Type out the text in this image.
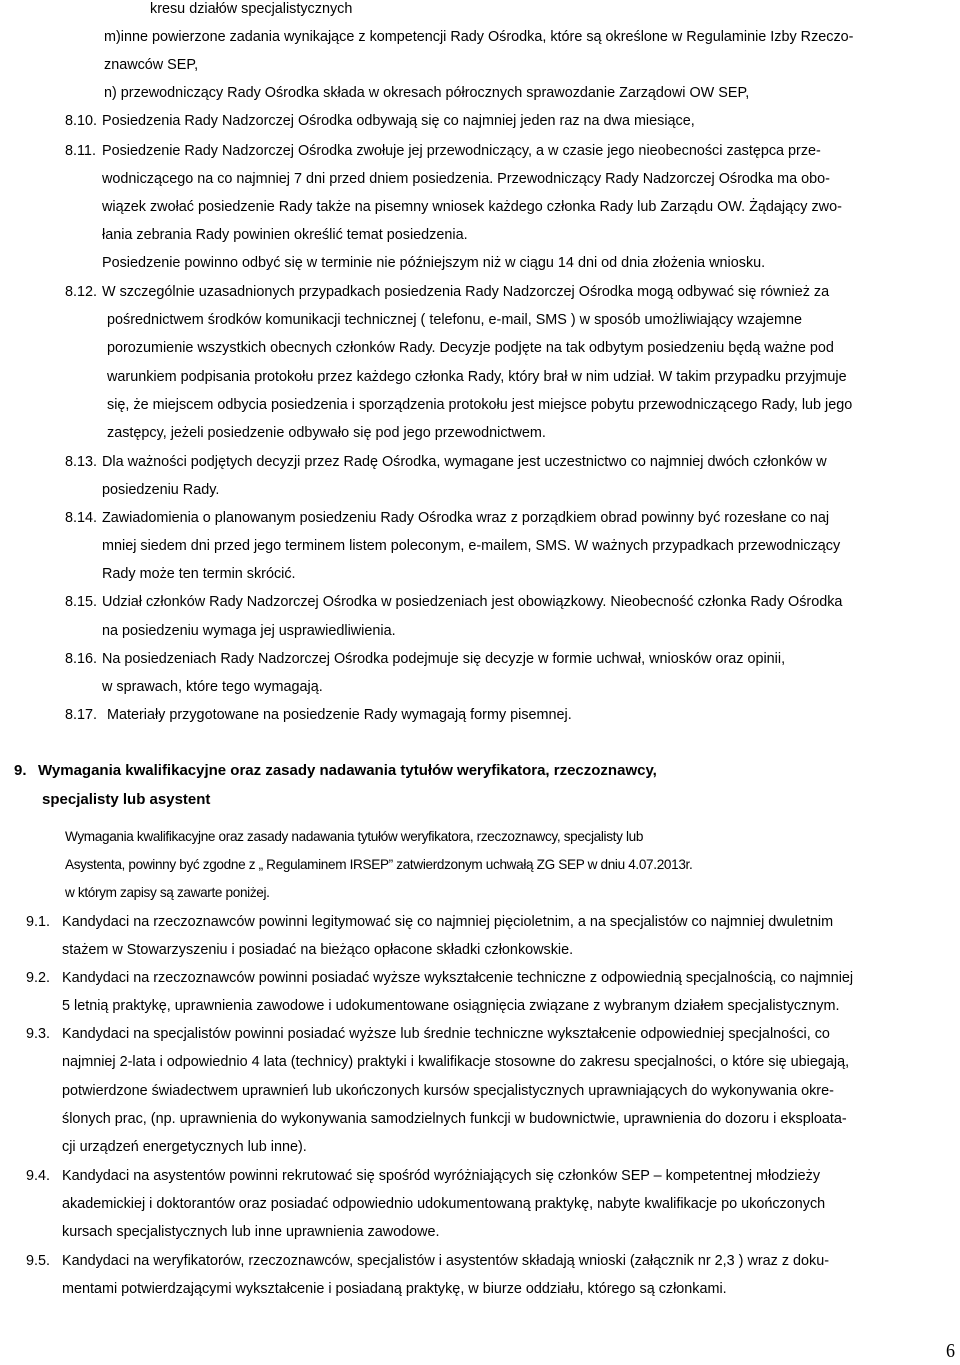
kresu działów specjalistycznych
m)inne powierzone zadania wynikające z kompetencji Rady Ośrodka, które są określone w Regulaminie Izby Rzeczo-
znawców SEP,
n) przewodniczący Rady Ośrodka składa w okresach półrocznych sprawozdanie Zarządowi OW SEP,
8.10. Posiedzenia Rady Nadzorczej Ośrodka odbywają się co najmniej jeden raz na dwa miesiące,
8.11. Posiedzenie Rady Nadzorczej Ośrodka zwołuje jej przewodniczący, a w czasie jego nieobecności zastępca prze-
wodniczącego na co najmniej 7 dni przed dniem posiedzenia. Przewodniczący Rady Nadzorczej Ośrodka ma obo-
wiązek zwołać posiedzenie Rady także na pisemny wniosek każdego członka Rady lub Zarządu OW. Żądający zwo-
łania zebrania Rady powinien określić temat posiedzenia.
Posiedzenie powinno odbyć się w terminie nie późniejszym niż w ciągu 14 dni od dnia złożenia wniosku.
8.12. W szczególnie uzasadnionych przypadkach posiedzenia Rady Nadzorczej Ośrodka mogą odbywać się również za
pośrednictwem środków komunikacji technicznej ( telefonu, e-mail, SMS ) w sposób umożliwiający wzajemne
porozumienie wszystkich obecnych członków Rady. Decyzje podjęte na tak odbytym posiedzeniu będą ważne pod
warunkiem podpisania protokołu przez każdego członka Rady, który brał w nim udział. W takim przypadku przyjmuje
się, że miejscem odbycia posiedzenia i sporządzenia protokołu jest miejsce pobytu przewodniczącego Rady, lub jego
zastępcy, jeżeli posiedzenie odbywało się pod jego przewodnictwem.
8.13. Dla ważności podjętych decyzji przez Radę Ośrodka, wymagane jest uczestnictwo co najmniej dwóch członków w
posiedzeniu Rady.
8.14. Zawiadomienia o planowanym posiedzeniu Rady Ośrodka wraz z porządkiem obrad powinny być rozesłane co naj
mniej siedem dni przed jego terminem listem poleconym, e-mailem, SMS. W ważnych przypadkach przewodniczący
Rady może ten termin skrócić.
8.15. Udział członków Rady Nadzorczej Ośrodka w posiedzeniach jest obowiązkowy. Nieobecność członka Rady Ośrodka
na posiedzeniu wymaga jej usprawiedliwienia.
8.16. Na posiedzeniach Rady Nadzorczej Ośrodka podejmuje się decyzje w formie uchwał, wniosków oraz opinii,
w sprawach, które tego wymagają.
8.17. Materiały przygotowane na posiedzenie Rady wymagają formy pisemnej.
9. Wymagania kwalifikacyjne oraz zasady nadawania tytułów weryfikatora, rzeczoznawcy,
specjalisty lub asystent
Wymagania kwalifikacyjne oraz zasady nadawania tytułów weryfikatora, rzeczoznawcy, specjalisty lub
Asystenta, powinny być zgodne z „ Regulaminem IRSEP” zatwierdzonym uchwałą ZG SEP w dniu 4.07.2013r.
w którym zapisy są zawarte poniżej.
9.1. Kandydaci na rzeczoznawców powinni legitymować się co najmniej pięcioletnim, a na specjalistów co najmniej dwuletnim
stażem w Stowarzyszeniu i posiadać na bieżąco opłacone składki członkowskie.
9.2. Kandydaci na rzeczoznawców powinni posiadać wyższe wykształcenie techniczne z odpowiednią specjalnością, co najmniej
5 letnią praktykę, uprawnienia zawodowe i udokumentowane osiągnięcia związane z wybranym działem specjalistycznym.
9.3. Kandydaci na specjalistów powinni posiadać wyższe lub średnie techniczne wykształcenie odpowiedniej specjalności, co
najmniej 2-lata i odpowiednio 4 lata (technicy) praktyki i kwalifikacje stosowne do zakresu specjalności, o które się ubiegają,
potwierdzone świadectwem uprawnień lub ukończonych kursów specjalistycznych uprawniających do wykonywania okre-
ślonych prac, (np. uprawnienia do wykonywania samodzielnych funkcji w budownictwie, uprawnienia do dozoru i eksploata-
cji urządzeń energetycznych lub inne).
9.4. Kandydaci na asystentów powinni rekrutować się spośród wyróżniających się członków SEP – kompetentnej młodzieży
akademickiej i doktorantów oraz posiadać odpowiednio udokumentowaną praktykę, nabyte kwalifikacje po ukończonych
kursach specjalistycznych lub inne uprawnienia zawodowe.
9.5. Kandydaci na weryfikatorów, rzeczoznawców, specjalistów i asystentów składają wnioski (załącznik nr 2,3 ) wraz z doku-
mentami potwierdzającymi wykształcenie i posiadaną praktykę, w biurze oddziału, którego są członkami.
6
